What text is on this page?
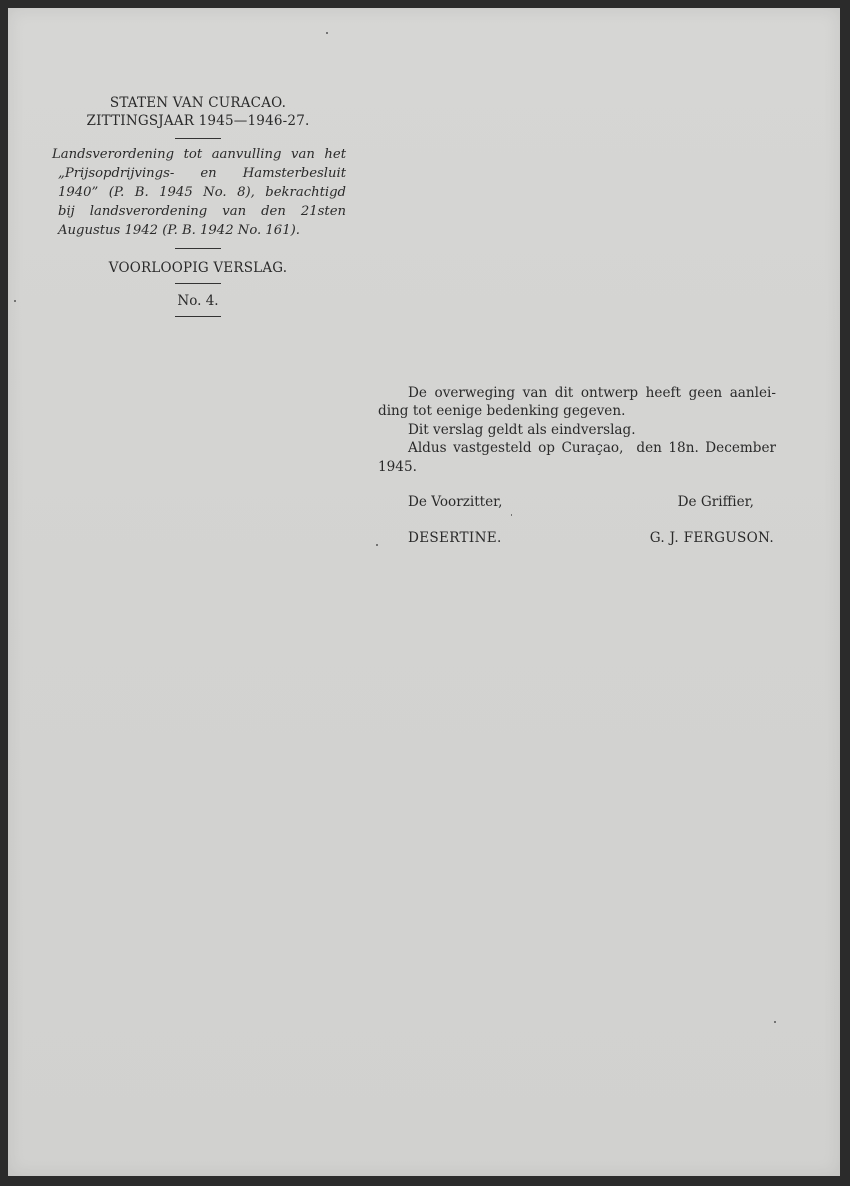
STATEN VAN CURACAO.
ZITTINGSJAAR 1945—1946-27.
Landsverordening tot aanvulling van het
„Prijsopdrijvings- en Hamsterbesluit
1940” (P. B. 1945 No. 8), bekrachtigd
bij landsverordening van den 21sten
Augustus 1942 (P. B. 1942 No. 161).
VOORLOOPIG VERSLAG.
No. 4.
De overweging van dit ontwerp heeft geen aanlei-
ding tot eenige bedenking gegeven.
Dit verslag geldt als eindverslag.
Aldus vastgesteld op Curaçao,  den 18n. December
1945.
De Voorzitter,	De Griffier,
DESERTINE.	G. J. FERGUSON.
